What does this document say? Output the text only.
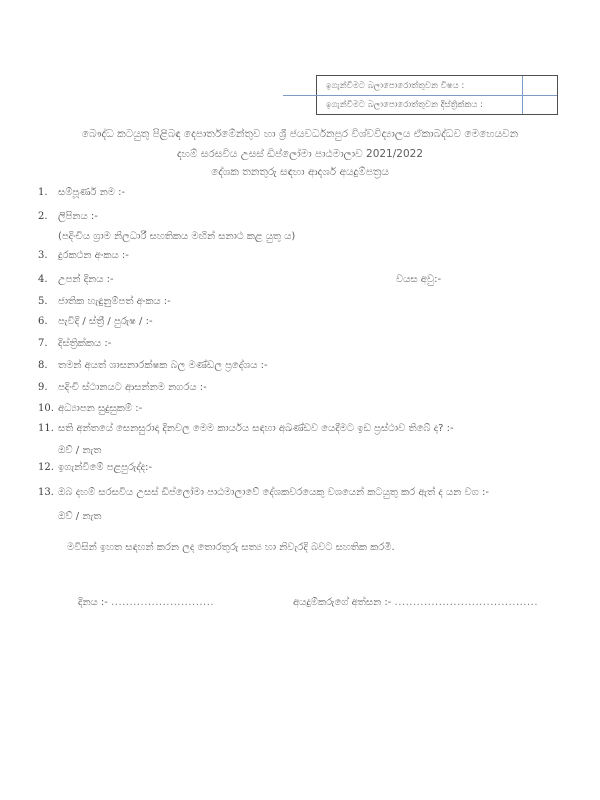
ඉගැන්වීමට බලාපොරොත්තුවන විෂය :
ඉගැන්වීමට බලාපොරොත්තුවන දිස්ත්‍රික්කය :
බෞද්ධ කටයුතු පිළිබඳ දෙපාර්තමේන්තුව හා ශ්‍රී ජයවර්ධනපුර විශ්වවිද්‍යාලය ඒකාබද්ධව මෙහෙයවන
දහම් සරසවිය උසස් ඩිප්ලෝමා පාඨමාලාව 2021/2022
දේශක තනතුරු සඳහා ආදර්ශ අයදුම්පත්‍රය
1.	සම්පූර්ණ නම :-
2.	ලිපිනය :-
(පදිංචිය ග්‍රාම නිලධාරී සහතිකය මඟින් සනාථ කළ යුතු ය)
3.	දුරකථන අංකය :-
4.	උපන් දිනය :-	වයස අවු:-
5.	ජාතික හැඳුනුම්පත් අංකය :-
6.	පැවිදි / ස්ත්‍රී / පුරුෂ / :-
7.	දිස්ත්‍රික්කය :-
8.	තමන් අයත් ශාසනාරක්ෂක බල මණ්ඩල ප්‍රදේශය :-
9.	පදිංචි ස්ථානයට ආසන්නම නගරය :-
10. අධ්‍යාපන සුදුසුකම් :-
11. සති අන්තයේ සෙනසුරාදා දිනවල මෙම කාර්යය සඳහා අඛණ්ඩව යෙදීමට ඉඩ ප්‍රස්ථාව තිබේ ද? :-
ඔව් / නැත
12. ඉගැන්වීමේ පළපුරුද්ද:-
13. ඔබ දහම් සරසවිය උසස් ඩිප්ලෝමා පාඨමාලාවේ දේශකවරයෙකු වශයෙන් කටයුතු කර ඇත් ද යන වග :-
ඔව් / නැත
මවිසින් ඉහත සඳහන් කරන ලද තොරතුරු සත්‍ය හා නිවැරදි බවට සහතික කරමි.
දිනය :- ............................	අයදුම්කරුගේ අත්සන :- .......................................
